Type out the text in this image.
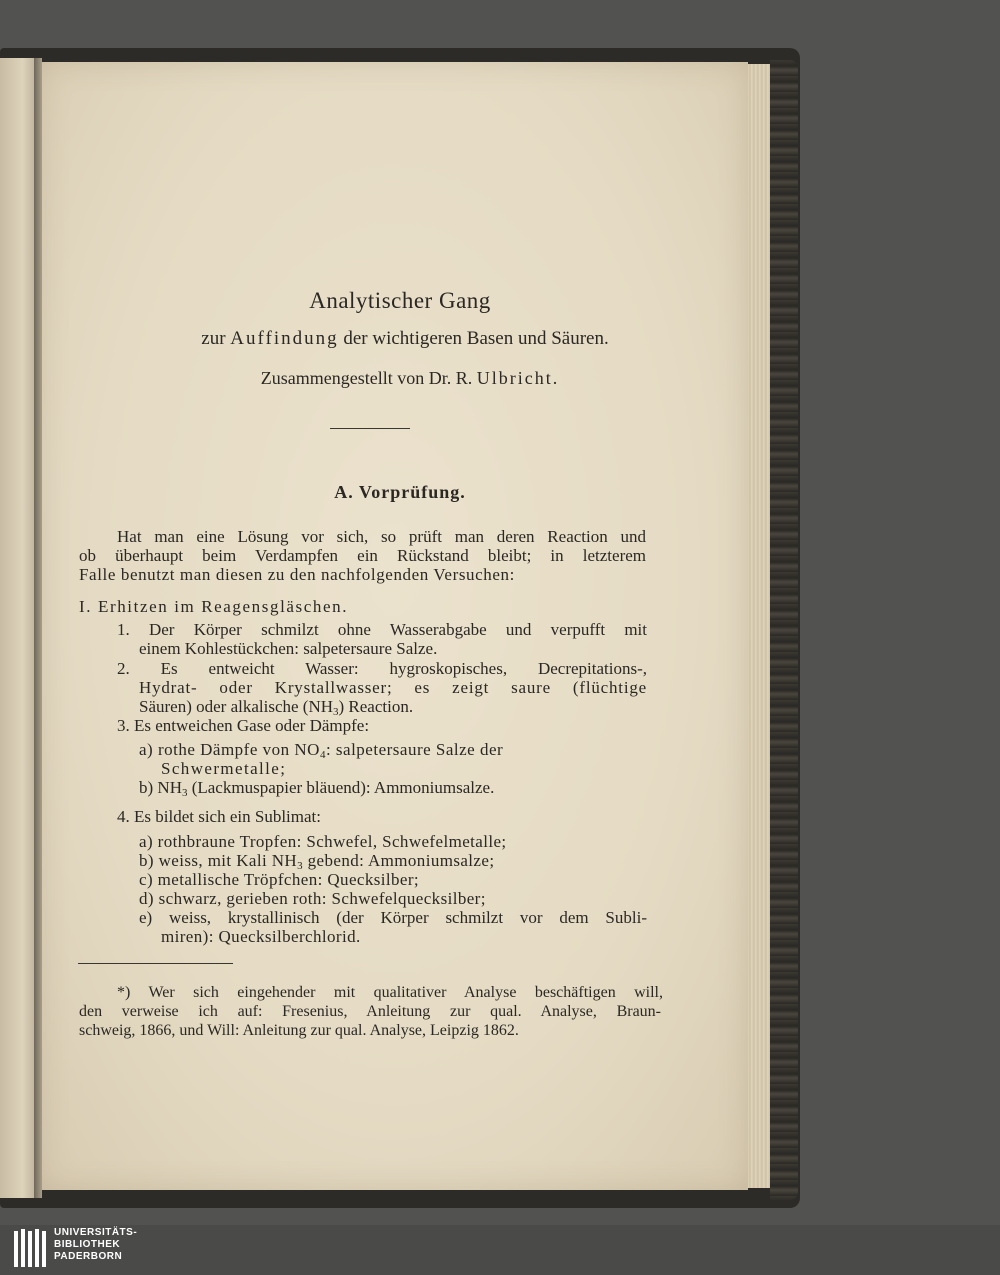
Analytischer Gang
zur Auffindung der wichtigeren Basen und Säuren.
Zusammengestellt von Dr. R. Ulbricht.
A. Vorprüfung.
Hat man eine Lösung vor sich, so prüft man deren Reaction und
ob überhaupt beim Verdampfen ein Rückstand bleibt; in letzterem
Falle benutzt man diesen zu den nachfolgenden Versuchen:
I. Erhitzen im Reagensgläschen.
1. Der Körper schmilzt ohne Wasserabgabe und verpufft mit
einem Kohlestückchen: salpetersaure Salze.
2. Es entweicht Wasser: hygroskopisches, Decrepitations-,
Hydrat- oder Krystallwasser; es zeigt saure (flüchtige
Säuren) oder alkalische $(NH_3)$ Reaction.
3. Es entweichen Gase oder Dämpfe:
a) rothe Dämpfe von $NO_4$: salpetersaure Salze der
Schwermetalle;
b) $NH_3$ (Lackmuspapier bläuend): Ammoniumsalze.
4. Es bildet sich ein Sublimat:
a) rothbraune Tropfen: Schwefel, Schwefelmetalle;
b) weiss, mit Kali $NH_3$ gebend: Ammoniumsalze;
c) metallische Tröpfchen: Quecksilber;
d) schwarz, gerieben roth: Schwefelquecksilber;
e) weiss, krystallinisch (der Körper schmilzt vor dem Subli-
miren): Quecksilberchlorid.
*) Wer sich eingehender mit qualitativer Analyse beschäftigen will,
den verweise ich auf: Fresenius, Anleitung zur qual. Analyse, Braun-
schweig, 1866, und Will: Anleitung zur qual. Analyse, Leipzig 1862.
UNIVERSITÄTS-
BIBLIOTHEK
PADERBORN
